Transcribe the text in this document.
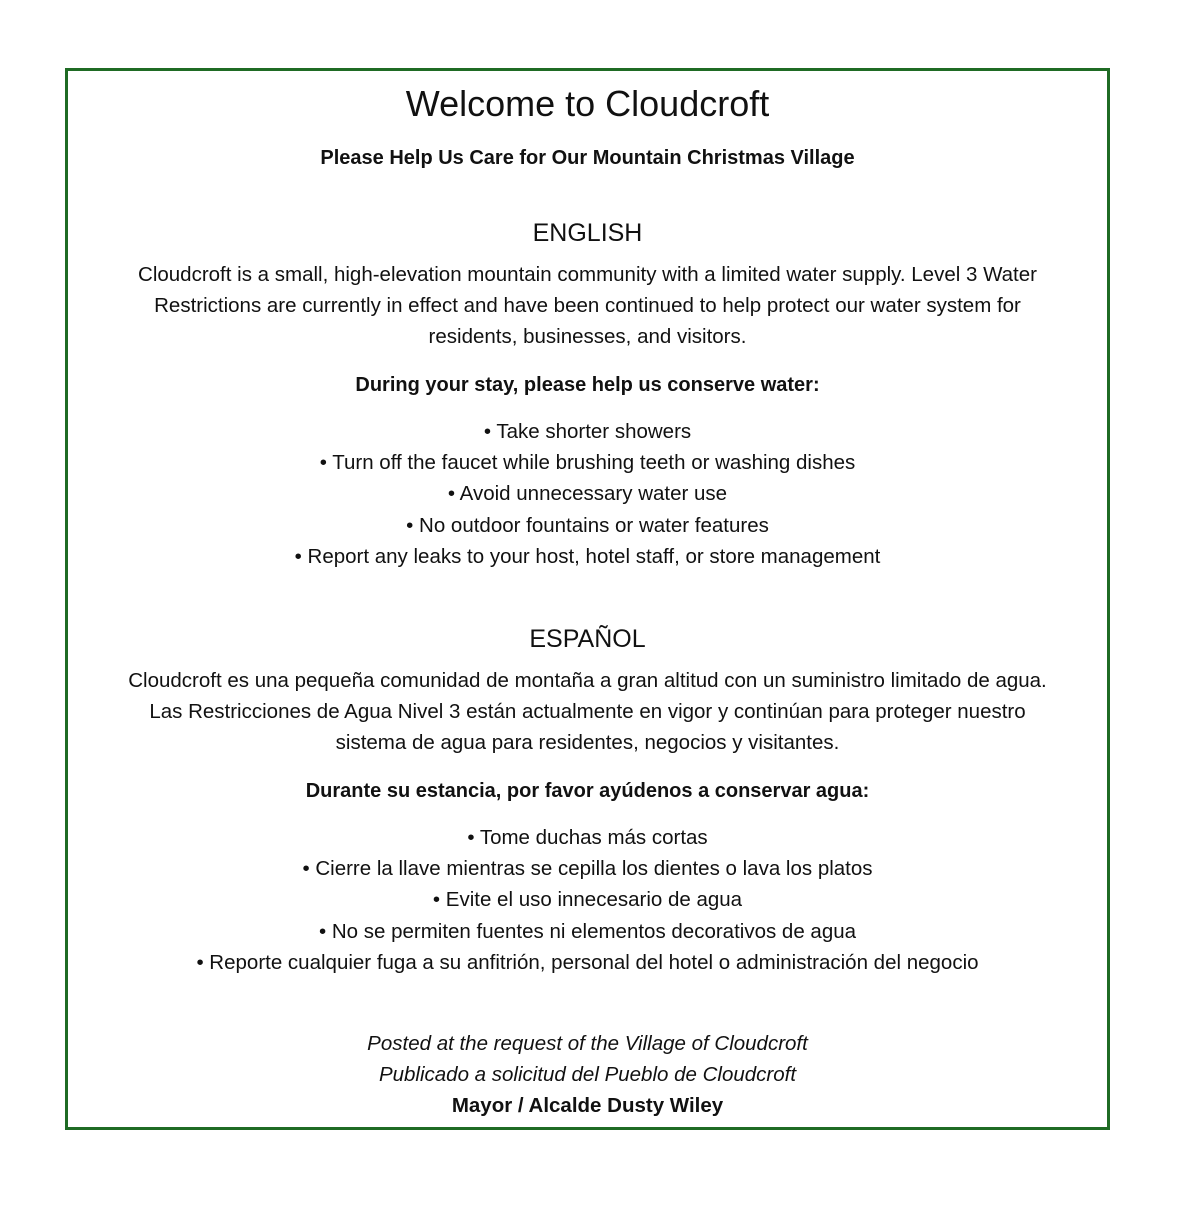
Welcome to Cloudcroft
Please Help Us Care for Our Mountain Christmas Village
ENGLISH
Cloudcroft is a small, high-elevation mountain community with a limited water supply. Level 3 Water
Restrictions are currently in effect and have been continued to help protect our water system for
residents, businesses, and visitors.
During your stay, please help us conserve water:
• Take shorter showers
• Turn off the faucet while brushing teeth or washing dishes
• Avoid unnecessary water use
• No outdoor fountains or water features
• Report any leaks to your host, hotel staff, or store management
ESPAÑOL
Cloudcroft es una pequeña comunidad de montaña a gran altitud con un suministro limitado de agua.
Las Restricciones de Agua Nivel 3 están actualmente en vigor y continúan para proteger nuestro
sistema de agua para residentes, negocios y visitantes.
Durante su estancia, por favor ayúdenos a conservar agua:
• Tome duchas más cortas
• Cierre la llave mientras se cepilla los dientes o lava los platos
• Evite el uso innecesario de agua
• No se permiten fuentes ni elementos decorativos de agua
• Reporte cualquier fuga a su anfitrión, personal del hotel o administración del negocio
Posted at the request of the Village of Cloudcroft
Publicado a solicitud del Pueblo de Cloudcroft
Mayor / Alcalde Dusty Wiley
